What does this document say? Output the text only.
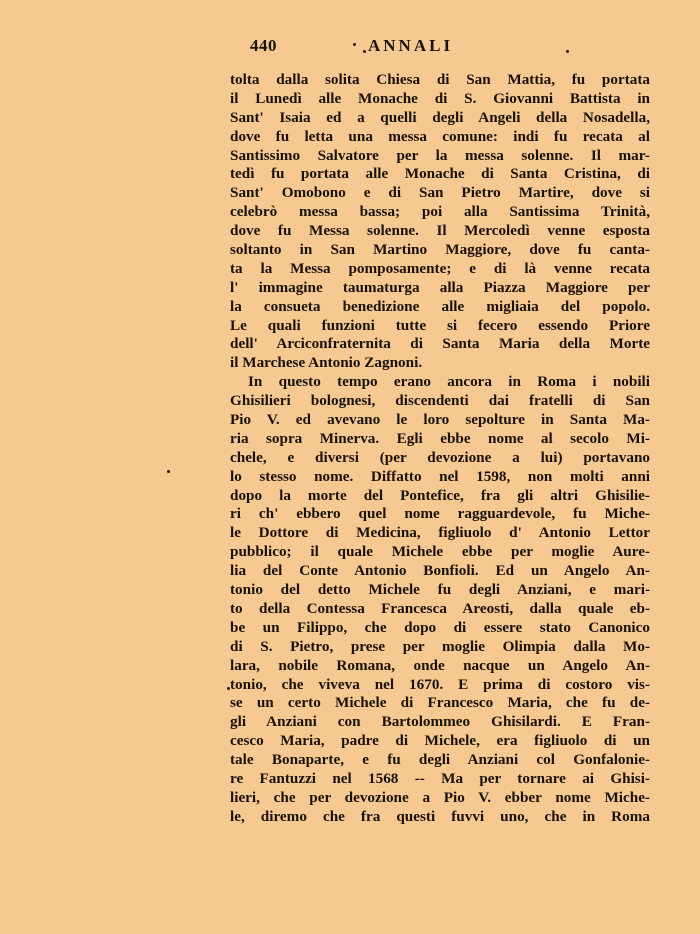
440	ANNALI
tolta dalla solita Chiesa di San Mattia, fu portata
il Lunedì alle Monache di S. Giovanni Battista in
Sant' Isaia ed a quelli degli Angeli della Nosadella,
dove fu letta una messa comune: indi fu recata al
Santissimo Salvatore per la messa solenne. Il mar-
tedì fu portata alle Monache di Santa Cristina, di
Sant' Omobono e di San Pietro Martire, dove si
celebrò messa bassa; poi alla Santissima Trinità,
dove fu Messa solenne. Il Mercoledì venne esposta
soltanto in San Martino Maggiore, dove fu canta-
ta la Messa pomposamente; e di là venne recata
l' immagine taumaturga alla Piazza Maggiore per
la consueta benedizione alle migliaia del popolo.
Le quali funzioni tutte si fecero essendo Priore
dell' Arciconfraternita di Santa Maria della Morte
il Marchese Antonio Zagnoni.
In questo tempo erano ancora in Roma i nobili
Ghisilieri bolognesi, discendenti dai fratelli di San
Pio V. ed avevano le loro sepolture in Santa Ma-
ria sopra Minerva. Egli ebbe nome al secolo Mi-
chele, e diversi (per devozione a lui) portavano
lo stesso nome. Diffatto nel 1598, non molti anni
dopo la morte del Pontefice, fra gli altri Ghisilie-
ri ch' ebbero quel nome ragguardevole, fu Miche-
le Dottore di Medicina, figliuolo d' Antonio Lettor
pubblico; il quale Michele ebbe per moglie Aure-
lia del Conte Antonio Bonfioli. Ed un Angelo An-
tonio del detto Michele fu degli Anziani, e mari-
to della Contessa Francesca Areosti, dalla quale eb-
be un Filippo, che dopo di essere stato Canonico
di S. Pietro, prese per moglie Olimpia dalla Mo-
lara, nobile Romana, onde nacque un Angelo An-
tonio, che viveva nel 1670. E prima di costoro vis-
se un certo Michele di Francesco Maria, che fu de-
gli Anziani con Bartolommeo Ghisilardi. E Fran-
cesco Maria, padre di Michele, era figliuolo di un
tale Bonaparte, e fu degli Anziani col Gonfalonie-
re Fantuzzi nel 1568 -- Ma per tornare ai Ghisi-
lieri, che per devozione a Pio V. ebber nome Miche-
le, diremo che fra questi fuvvi uno, che in Roma
